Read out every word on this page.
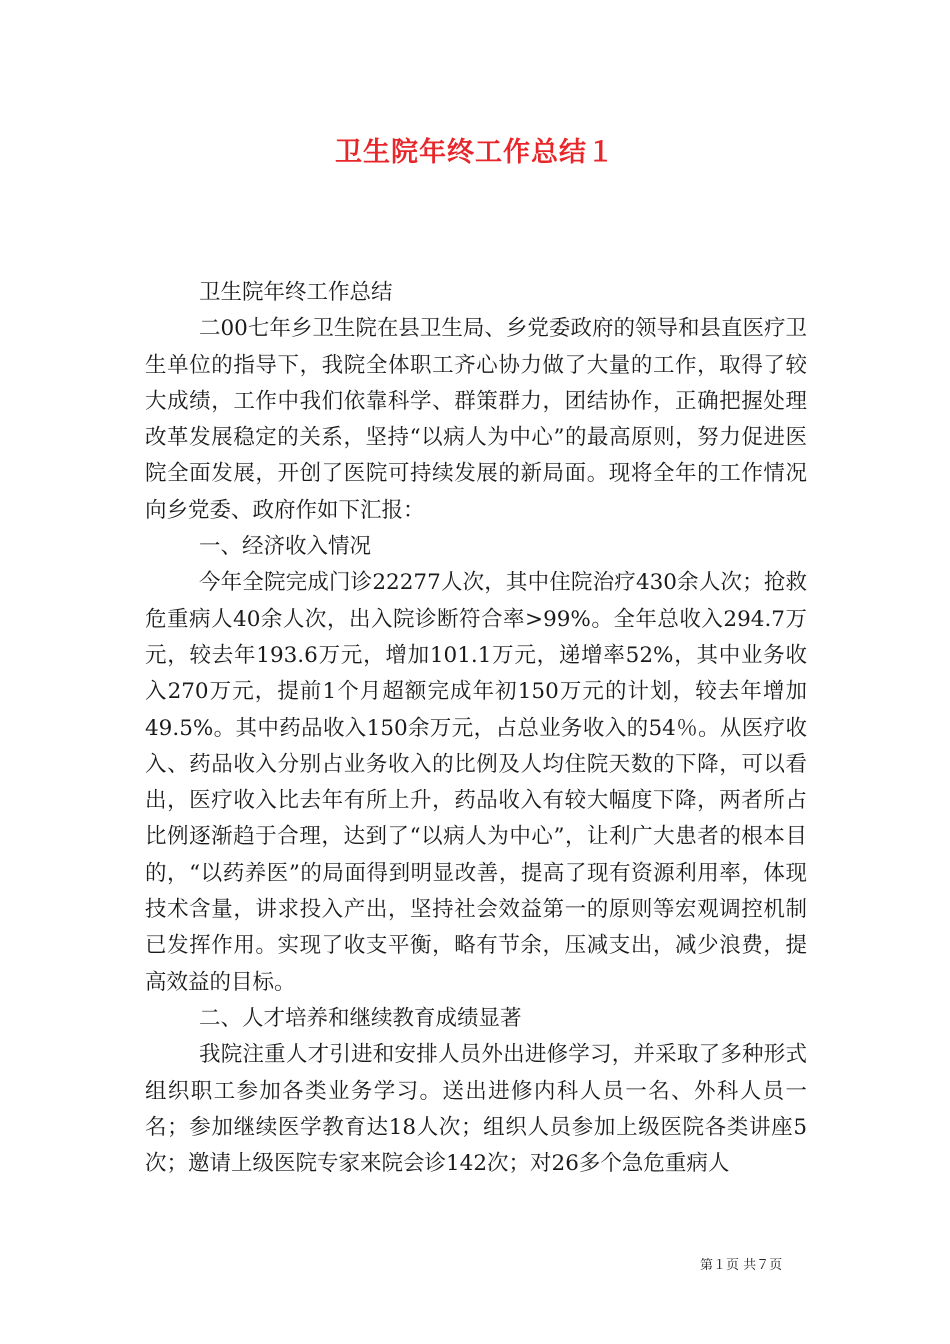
卫生院年终工作总结１

卫生院年终工作总结

二00七年乡卫生院在县卫生局、乡党委政府的领导和县直医疗卫生单位的指导下，我院全体职工齐心协力做了大量的工作，取得了较大成绩，工作中我们依靠科学、群策群力，团结协作，正确把握处理改革发展稳定的关系，坚持“以病人为中心”的最高原则，努力促进医院全面发展，开创了医院可持续发展的新局面。现将全年的工作情况向乡党委、政府作如下汇报：

一、经济收入情况

今年全院完成门诊22277人次，其中住院治疗430余人次；抢救危重病人40余人次，出入院诊断符合率>99%。全年总收入294.7万元，较去年193.6万元，增加101.1万元，递增率52%，其中业务收入270万元，提前1个月超额完成年初150万元的计划，较去年增加49.5%。其中药品收入150余万元，占总业务收入的54％。从医疗收入、药品收入分别占业务收入的比例及人均住院天数的下降，可以看出，医疗收入比去年有所上升，药品收入有较大幅度下降，两者所占比例逐渐趋于合理，达到了“以病人为中心”，让利广大患者的根本目的，“以药养医”的局面得到明显改善，提高了现有资源利用率，体现技术含量，讲求投入产出，坚持社会效益第一的原则等宏观调控机制已发挥作用。实现了收支平衡，略有节余，压减支出，减少浪费，提高效益的目标。

二、人才培养和继续教育成绩显著

我院注重人才引进和安排人员外出进修学习，并采取了多种形式组织职工参加各类业务学习。送出进修内科人员一名、外科人员一名；参加继续医学教育达18人次；组织人员参加上级医院各类讲座5次；邀请上级医院专家来院会诊142次；对26多个急危重病人

第１页 共７页
